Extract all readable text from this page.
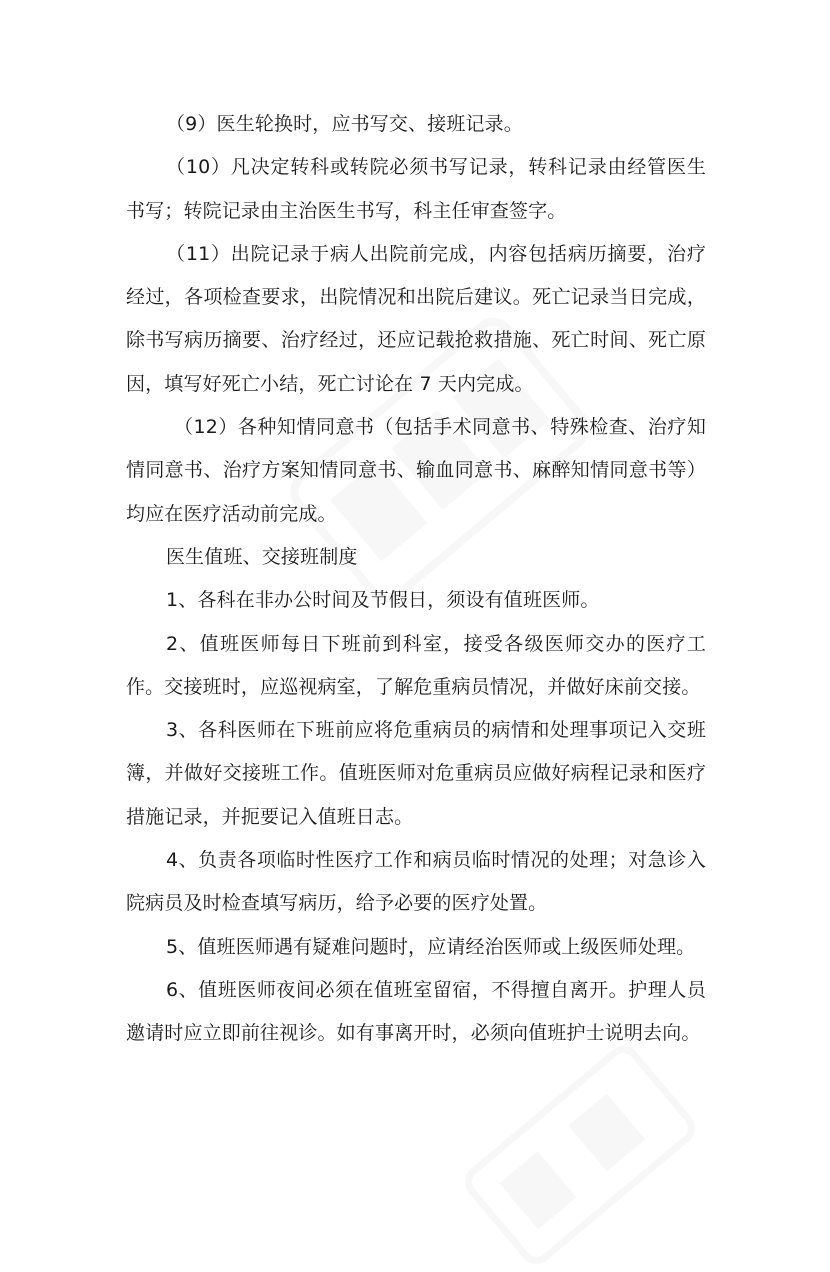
（9）医生轮换时，应书写交、接班记录。

（10）凡决定转科或转院必须书写记录，转科记录由经管医生书写；转院记录由主治医生书写，科主任审查签字。

（11）出院记录于病人出院前完成，内容包括病历摘要，治疗经过，各项检查要求，出院情况和出院后建议。死亡记录当日完成，除书写病历摘要、治疗经过，还应记载抢救措施、死亡时间、死亡原因，填写好死亡小结，死亡讨论在 7 天内完成。

（12）各种知情同意书（包括手术同意书、特殊检查、治疗知情同意书、治疗方案知情同意书、输血同意书、麻醉知情同意书等）均应在医疗活动前完成。

医生值班、交接班制度

1、各科在非办公时间及节假日，须设有值班医师。

2、值班医师每日下班前到科室，接受各级医师交办的医疗工作。交接班时，应巡视病室，了解危重病员情况，并做好床前交接。

3、各科医师在下班前应将危重病员的病情和处理事项记入交班簿，并做好交接班工作。值班医师对危重病员应做好病程记录和医疗措施记录，并扼要记入值班日志。

4、负责各项临时性医疗工作和病员临时情况的处理；对急诊入院病员及时检查填写病历，给予必要的医疗处置。

5、值班医师遇有疑难问题时，应请经治医师或上级医师处理。

6、值班医师夜间必须在值班室留宿，不得擅自离开。护理人员邀请时应立即前往视诊。如有事离开时，必须向值班护士说明去向。
